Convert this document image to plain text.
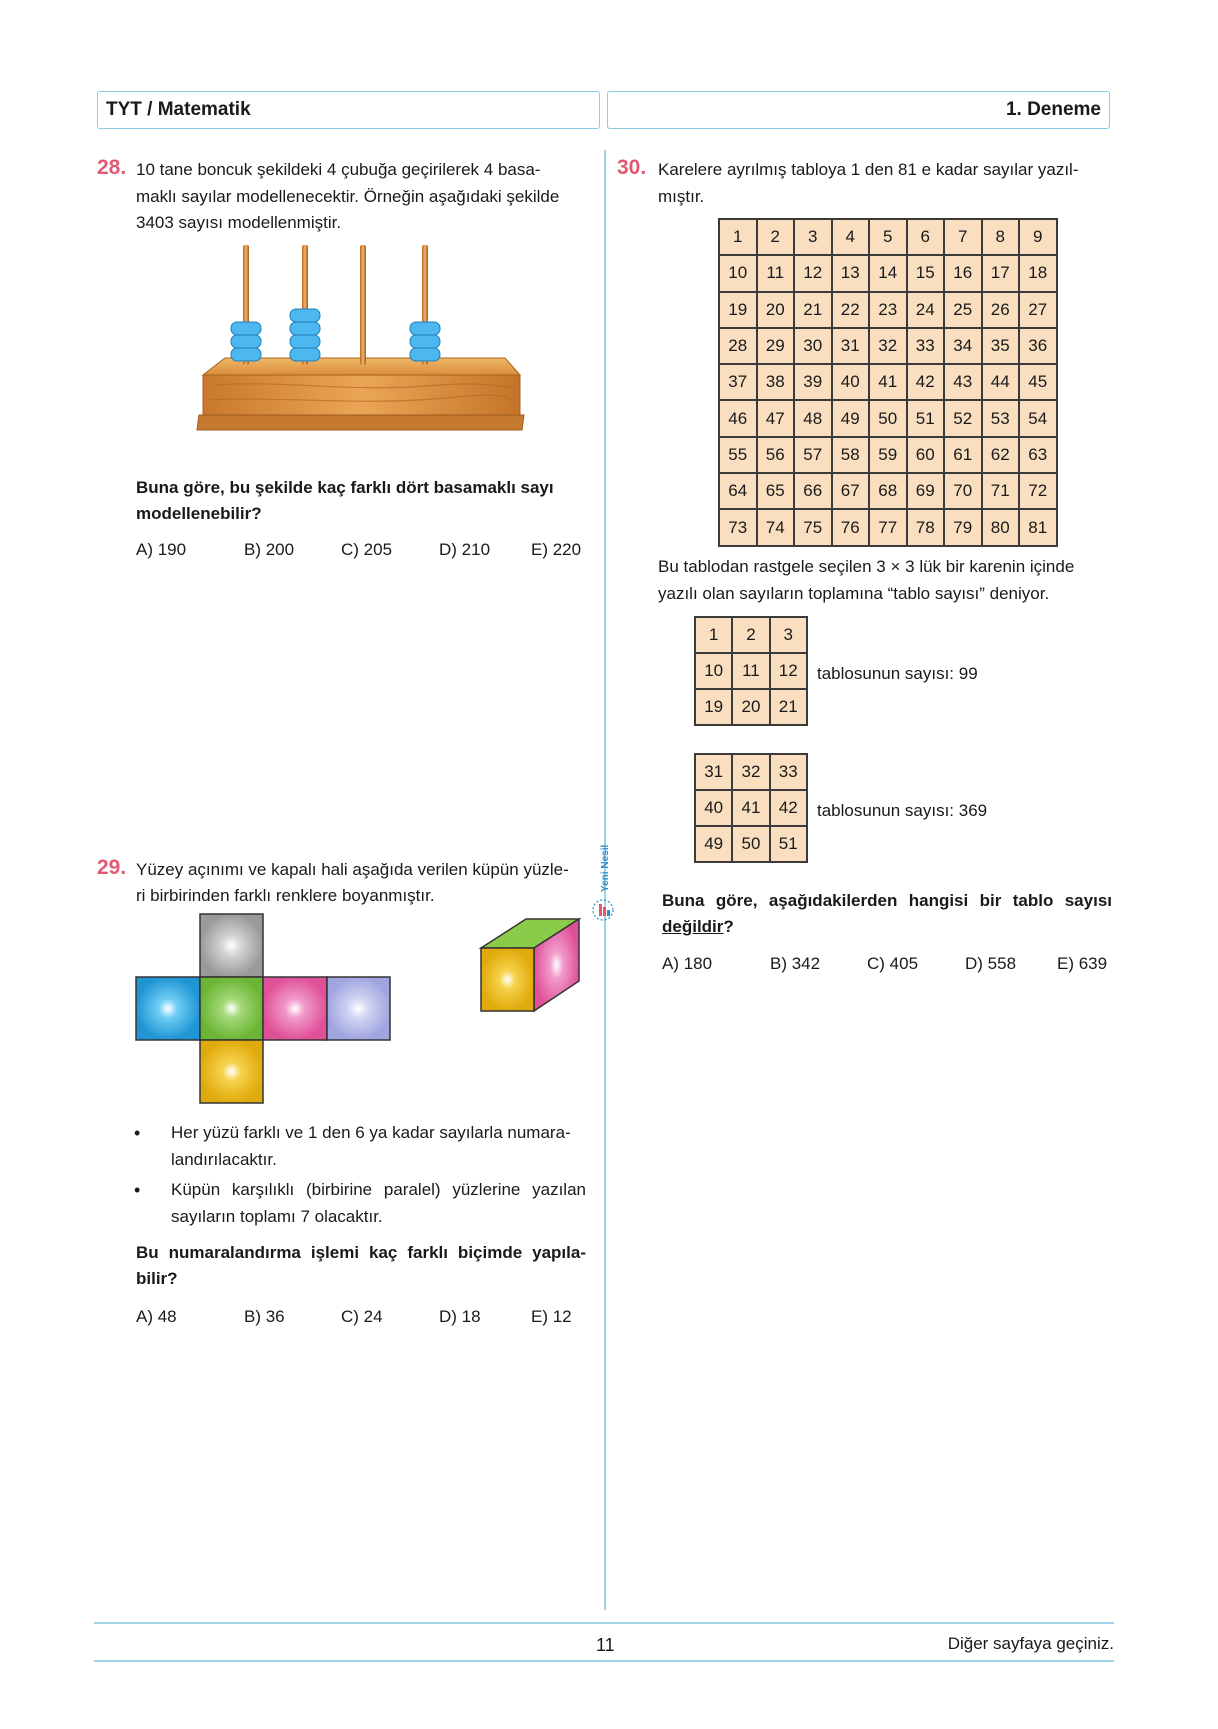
TYT / Matematik	1. Deneme
28. 10 tane boncuk şekildeki 4 çubuğa geçirilerek 4 basa-
maklı sayılar modellenecektir. Örneğin aşağıdaki şekilde
3403 sayısı modellenmiştir.
Buna göre, bu şekilde kaç farklı dört basamaklı sayı
modellenebilir?
A) 190	B) 200	C) 205	D) 210 E) 220
29. Yüzey açınımı ve kapalı hali aşağıda verilen küpün yüzle-
ri birbirinden farklı renklere boyanmıştır.
• Her yüzü farklı ve 1 den 6 ya kadar sayılarla numara-
landırılacaktır.
• Küpün karşılıklı (birbirine paralel) yüzlerine yazılan
sayıların toplamı 7 olacaktır.
Bu numaralandırma işlemi kaç farklı biçimde yapıla-
bilir?
A) 48	B) 36	C) 24	D) 18	E) 12
Yeni Nesil
30. Karelere ayrılmış tabloya 1 den 81 e kadar sayılar yazıl-
mıştır.
1	2	3	4	5	6	7	8	9
10	11	12	13	14	15	16	17	18
19	20	21	22	23	24	25	26	27
28	29	30	31	32	33	34	35	36
37	38	39	40	41	42	43	44	45
46	47	48	49	50	51	52	53	54
55	56	57	58	59	60	61	62	63
64	65	66	67	68	69	70	71	72
73	74	75	76	77	78	79	80	81
Bu tablodan rastgele seçilen 3 × 3 lük bir karenin içinde
yazılı olan sayıların toplamına “tablo sayısı” deniyor.
1	2	3
10	11	12
19	20	21
tablosunun sayısı: 99
31	32	33
40	41	42
49	50	51
tablosunun sayısı: 369
Buna göre, aşağıdakilerden hangisi bir tablo sayısı
değildir?
A) 180	B) 342	C) 405	D) 558 E) 639
11	Diğer sayfaya geçiniz.
